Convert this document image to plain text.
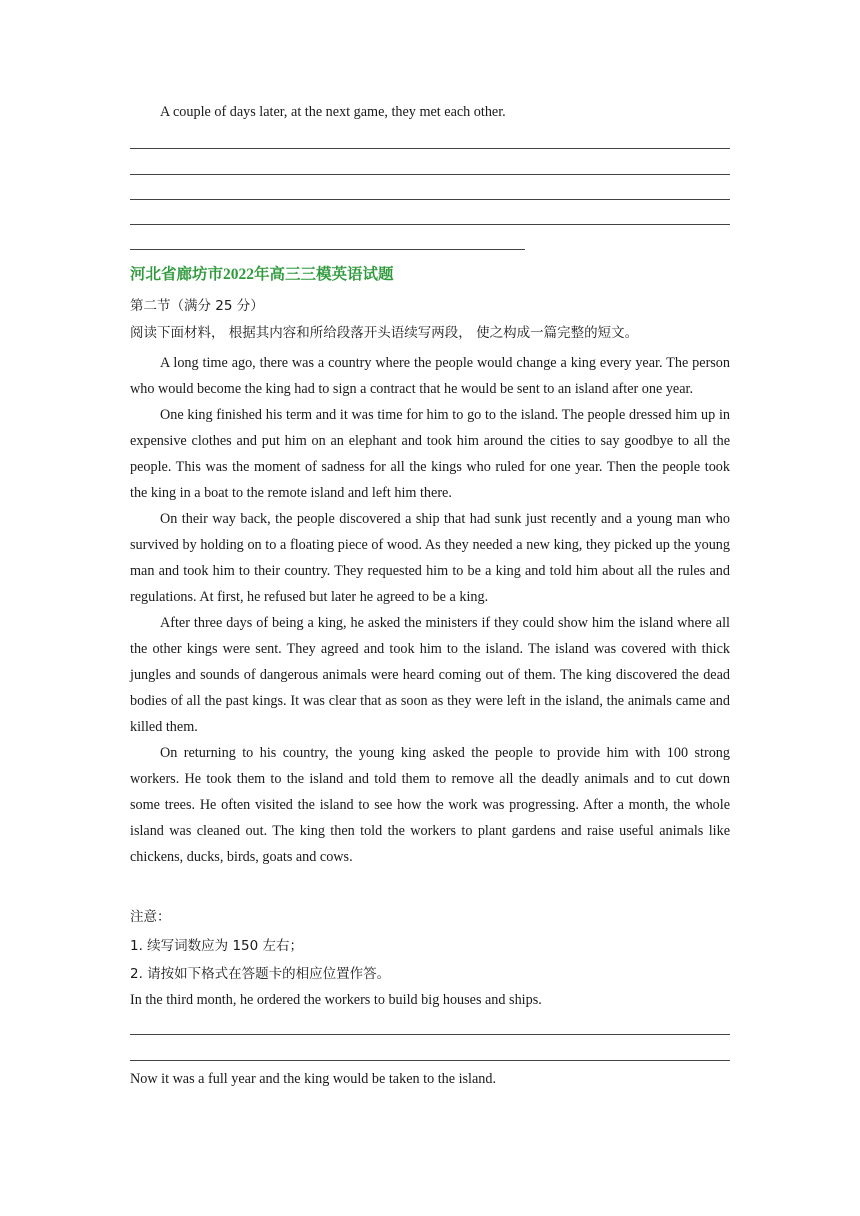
A couple of days later, at the next game, they met each other.
河北省廊坊市2022年高三三模英语试题
第二节（满分 25 分）
阅读下面材料， 根据其内容和所给段落开头语续写两段， 使之构成一篇完整的短文。

A long time ago, there was a country where the people would change a king every year. The person who would become the king had to sign a contract that he would be sent to an island after one year.

One king finished his term and it was time for him to go to the island. The people dressed him up in expensive clothes and put him on an elephant and took him around the cities to say goodbye to all the people. This was the moment of sadness for all the kings who ruled for one year. Then the people took the king in a boat to the remote island and left him there.

On their way back, the people discovered a ship that had sunk just recently and a young man who survived by holding on to a floating piece of wood. As they needed a new king, they picked up the young man and took him to their country. They requested him to be a king and told him about all the rules and regulations. At first, he refused but later he agreed to be a king.

After three days of being a king, he asked the ministers if they could show him the island where all the other kings were sent. They agreed and took him to the island. The island was covered with thick jungles and sounds of dangerous animals were heard coming out of them. The king discovered the dead bodies of all the past kings. It was clear that as soon as they were left in the island, the animals came and killed them.

On returning to his country, the young king asked the people to provide him with 100 strong workers. He took them to the island and told them to remove all the deadly animals and to cut down some trees. He often visited the island to see how the work was progressing. After a month, the whole island was cleaned out. The king then told the workers to plant gardens and raise useful animals like chickens, ducks, birds, goats and cows.

注意：
1. 续写词数应为 150 左右；
2. 请按如下格式在答题卡的相应位置作答。
In the third month, he ordered the workers to build big houses and ships.
Now it was a full year and the king would be taken to the island.
